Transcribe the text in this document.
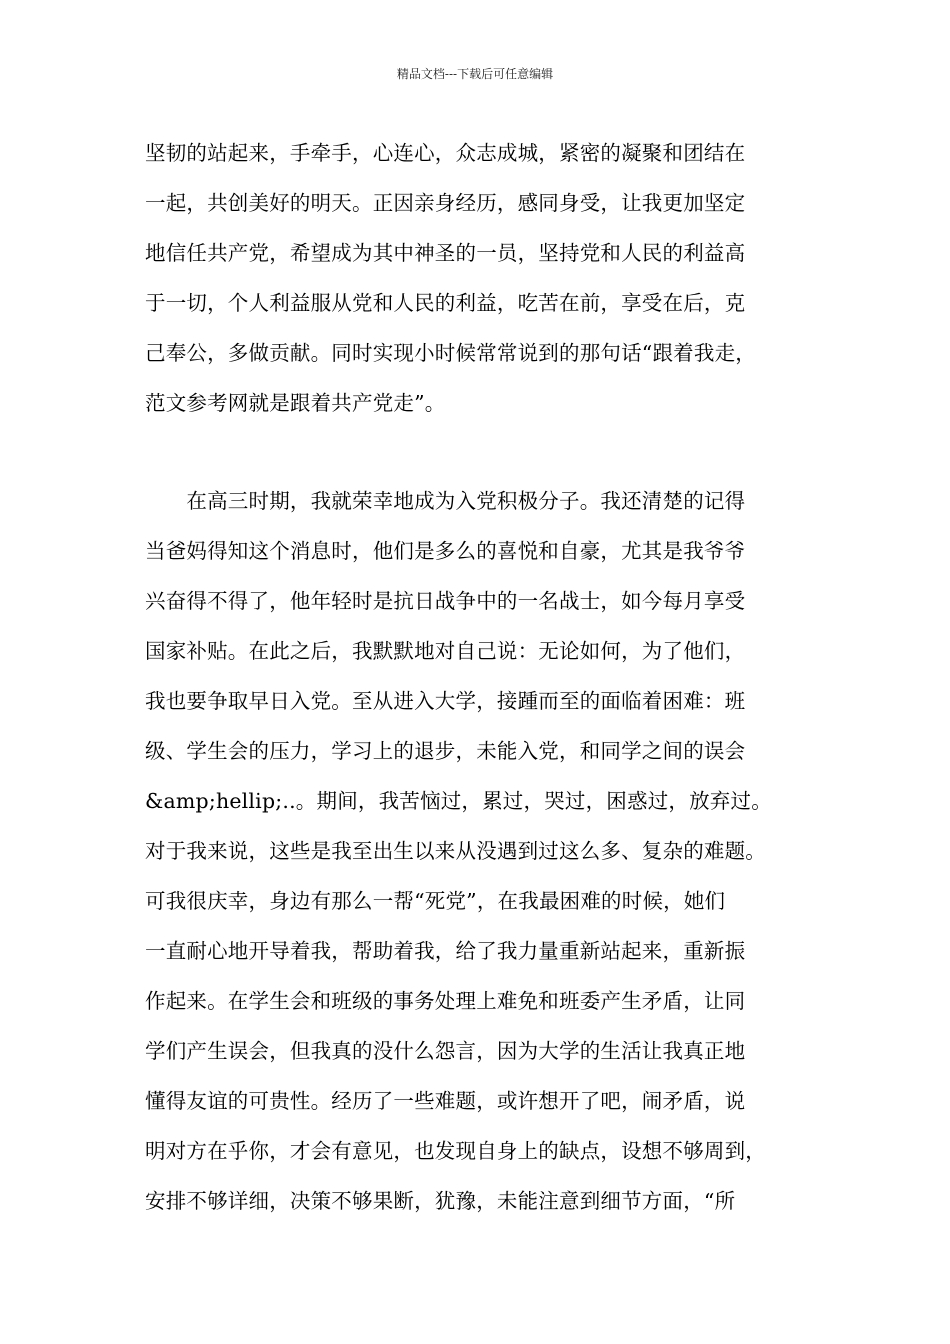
精品文档---下载后可任意编辑
坚韧的站起来，手牵手，心连心，众志成城，紧密的凝聚和团结在
一起，共创美好的明天。正因亲身经历，感同身受，让我更加坚定
地信任共产党，希望成为其中神圣的一员，坚持党和人民的利益高
于一切，个人利益服从党和人民的利益，吃苦在前，享受在后，克
己奉公，多做贡献。同时实现小时候常常说到的那句话“跟着我走，
范文参考网就是跟着共产党走”。
　　在高三时期，我就荣幸地成为入党积极分子。我还清楚的记得
当爸妈得知这个消息时，他们是多么的喜悦和自豪，尤其是我爷爷
兴奋得不得了，他年轻时是抗日战争中的一名战士，如今每月享受
国家补贴。在此之后，我默默地对自己说：无论如何，为了他们，
我也要争取早日入党。至从进入大学，接踵而至的面临着困难：班
级、学生会的压力，学习上的退步，未能入党，和同学之间的误会
&amp;hellip;..。期间，我苦恼过，累过，哭过，困惑过，放弃过。
对于我来说，这些是我至出生以来从没遇到过这么多、复杂的难题。
可我很庆幸，身边有那么一帮“死党”，在我最困难的时候，她们
一直耐心地开导着我，帮助着我，给了我力量重新站起来，重新振
作起来。在学生会和班级的事务处理上难免和班委产生矛盾，让同
学们产生误会，但我真的没什么怨言，因为大学的生活让我真正地
懂得友谊的可贵性。经历了一些难题，或许想开了吧，闹矛盾，说
明对方在乎你，才会有意见，也发现自身上的缺点，设想不够周到，
安排不够详细，决策不够果断，犹豫，未能注意到细节方面，“所
